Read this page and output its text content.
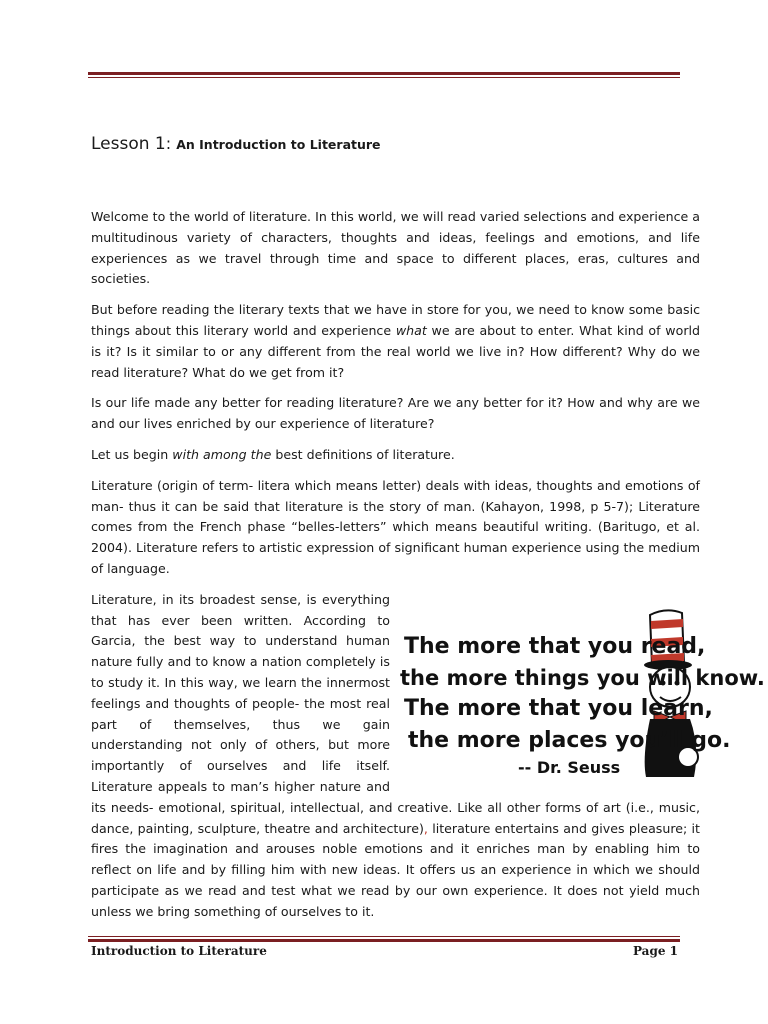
Lesson 1: An Introduction to Literature

Welcome to the world of literature. In this world, we will read varied selections and experience a multitudinous variety of characters, thoughts and ideas, feelings and emotions, and life experiences as we travel through time and space to different places, eras, cultures and societies.

But before reading the literary texts that we have in store for you, we need to know some basic things about this literary world and experience what we are about to enter. What kind of world is it? Is it similar to or any different from the real world we live in? How different? Why do we read literature? What do we get from it?

Is our life made any better for reading literature? Are we any better for it? How and why are we and our lives enriched by our experience of literature?

Let us begin with among the best definitions of literature.

Literature (origin of term- litera which means letter) deals with ideas, thoughts and emotions of man- thus it can be said that literature is the story of man. (Kahayon, 1998, p 5-7); Literature comes from the French phase “belles-letters” which means beautiful writing. (Baritugo, et al. 2004). Literature refers to artistic expression of significant human experience using the medium of language.

The more that you read,
the more things you will know.
The more that you learn,
the more places you’ll go.
-- Dr. Seuss

Literature, in its broadest sense, is everything that has ever been written. According to Garcia, the best way to understand human nature fully and to know a nation completely is to study it. In this way, we learn the innermost feelings and thoughts of people- the most real part of themselves, thus we gain understanding not only of others, but more importantly of ourselves and life itself. Literature appeals to man’s higher nature and its needs- emotional, spiritual, intellectual, and creative. Like all other forms of art (i.e., music, dance, painting, sculpture, theatre and architecture), literature entertains and gives pleasure; it fires the imagination and arouses noble emotions and it enriches man by enabling him to reflect on life and by filling him with new ideas. It offers us an experience in which we should participate as we read and test what we read by our own experience. It does not yield much unless we bring something of ourselves to it.

Introduction to Literature	Page 1
